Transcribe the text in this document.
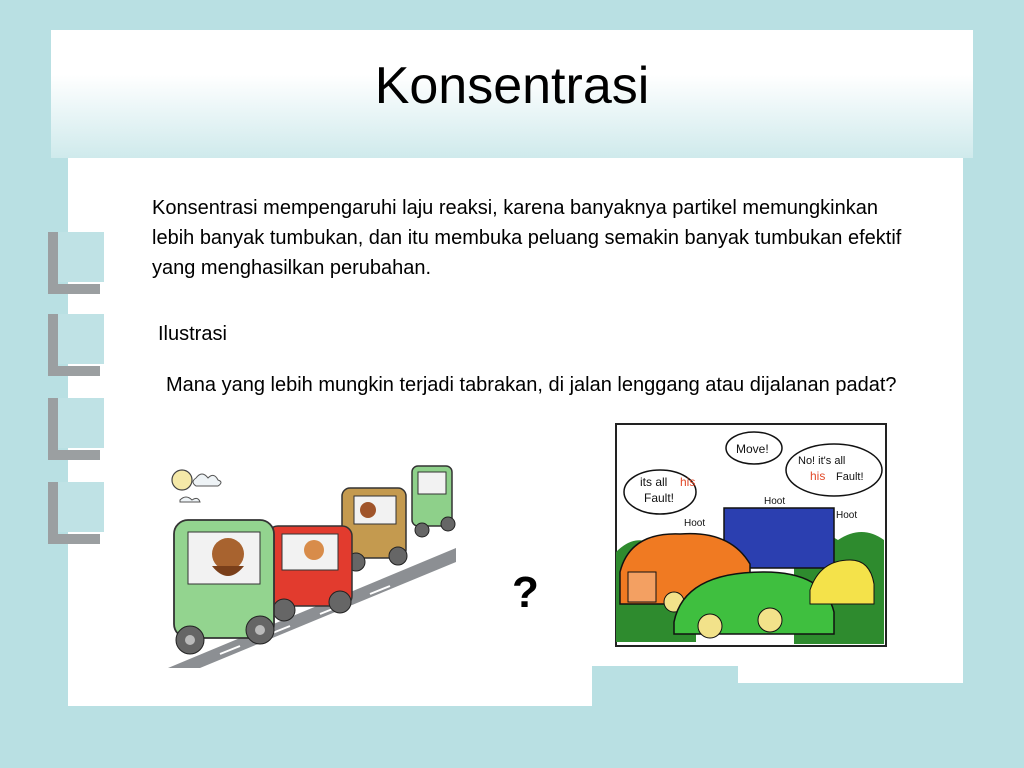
Konsentrasi
Konsentrasi mempengaruhi laju reaksi, karena banyaknya partikel memungkinkan lebih banyak tumbukan, dan itu membuka peluang semakin banyak tumbukan efektif yang menghasilkan perubahan.
Ilustrasi
Mana yang lebih mungkin terjadi tabrakan, di jalan lenggang atau dijalanan padat?
?
its all his
Fault!
Move!
No! it's all
his Fault!
Hoot
Hoot
Hoot
